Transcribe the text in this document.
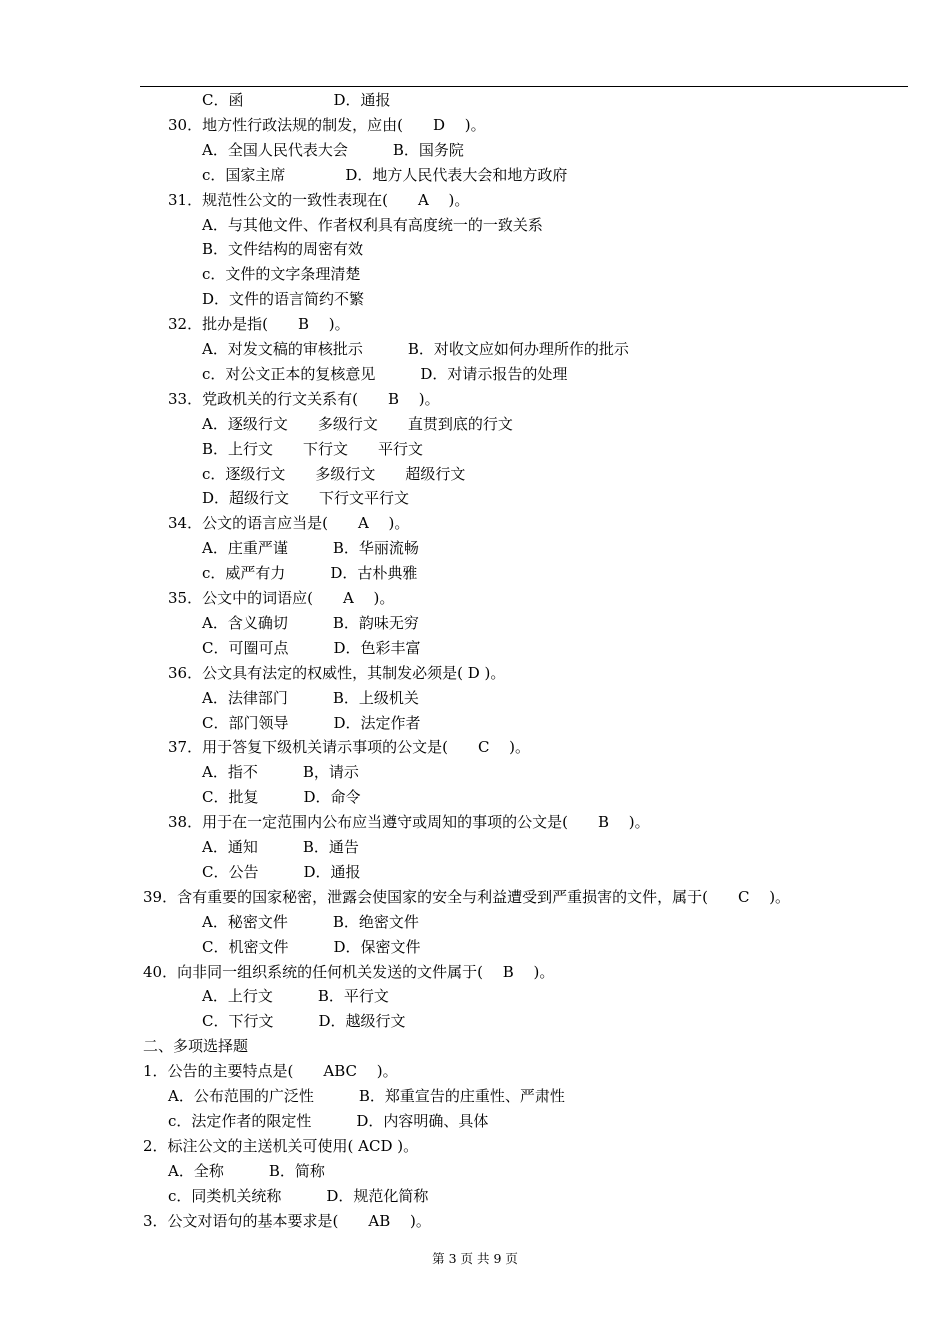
C．函　　　　　　D．通报
30．地方性行政法规的制发，应由(　　D　 )。
A．全国人民代表大会　　　B．国务院
c．国家主席　　　　D．地方人民代表大会和地方政府
31．规范性公文的一致性表现在(　　A　 )。
A．与其他文件、作者权利具有高度统一的一致关系
B．文件结构的周密有效
c．文件的文字条理清楚
D．文件的语言简约不繁
32．批办是指(　　B　 )。
A．对发文稿的审核批示　　　B．对收文应如何办理所作的批示
c．对公文正本的复核意见　　　D．对请示报告的处理
33．党政机关的行文关系有(　　B　 )。
A．逐级行文　　多级行文　　直贯到底的行文
B．上行文　　下行文　　平行文
c．逐级行文　　多级行文　　超级行文
D．超级行文　　下行文平行文
34．公文的语言应当是(　　A　 )。
A．庄重严谨　　　B．华丽流畅
c．威严有力　　　D．古朴典雅
35．公文中的词语应(　　A　 )。
A．含义确切　　　B．韵味无穷
C．可圈可点　　　D．色彩丰富
36．公文具有法定的权威性，其制发必须是( D )。
A．法律部门　　　B．上级机关
C．部门领导　　　D．法定作者
37．用于答复下级机关请示事项的公文是(　　C　 )。
A．指不　　　B，请示
C．批复　　　D．命令
38．用于在一定范围内公布应当遵守或周知的事项的公文是(　　B　 )。
A．通知　　　B．通告
C．公告　　　D．通报
39．含有重要的国家秘密，泄露会使国家的安全与利益遭受到严重损害的文件，属于(　　C　 )。
A．秘密文件　　　B．绝密文件
C．机密文件　　　D．保密文件
40．向非同一组织系统的任何机关发送的文件属于(　 B　 )。
A．上行文　　　B．平行文
C．下行文　　　D．越级行文
二、多项选择题
1．公告的主要特点是(　　ABC　 )。
A．公布范围的广泛性　　　B．郑重宣告的庄重性、严肃性
c．法定作者的限定性　　　D．内容明确、具体
2．标注公文的主送机关可使用( ACD )。
A．全称　　　B．简称
c．同类机关统称　　　D．规范化简称
3．公文对语句的基本要求是(　　AB　 )。
第 3 页 共 9 页
